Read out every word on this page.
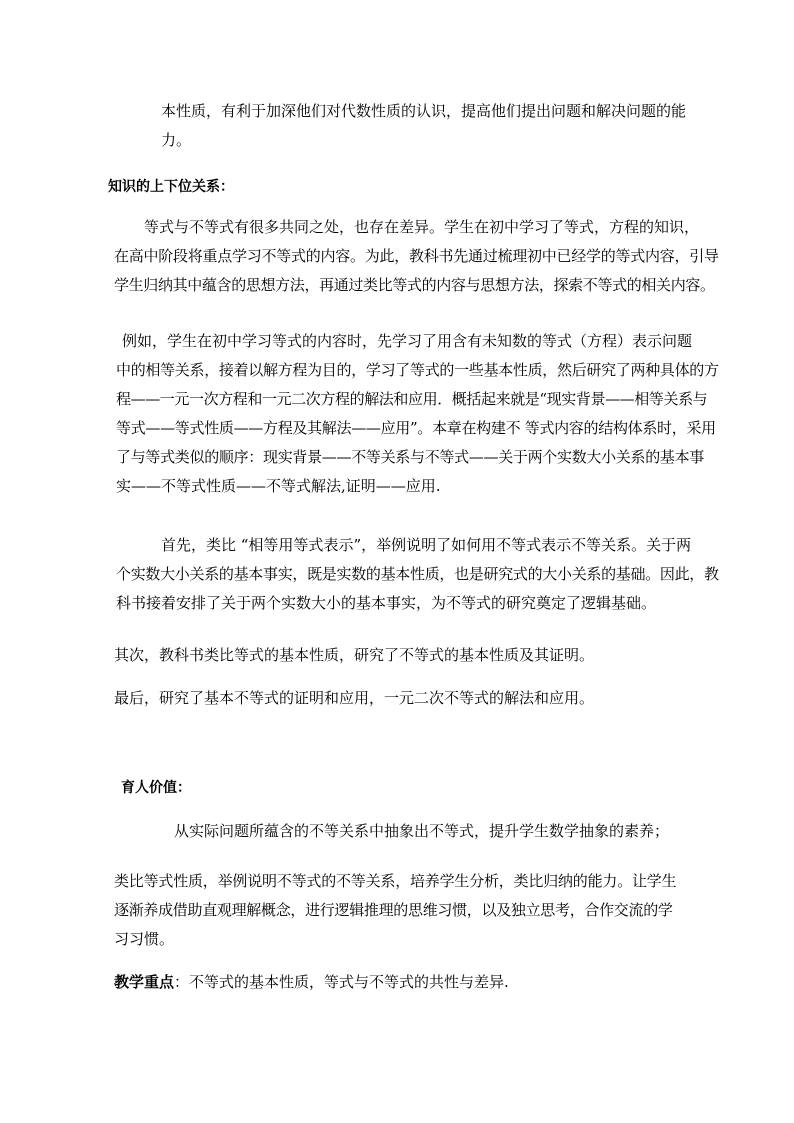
本性质，有利于加深他们对代数性质的认识，提高他们提出问题和解决问题的能
力。
知识的上下位关系：
等式与不等式有很多共同之处，也存在差异。学生在初中学习了等式，方程的知识，
在高中阶段将重点学习不等式的内容。为此，教科书先通过梳理初中已经学的等式内容，引导
学生归纳其中蕴含的思想方法，再通过类比等式的内容与思想方法，探索不等式的相关内容。
例如，学生在初中学习等式的内容时，先学习了用含有未知数的等式（方程）表示问题
中的相等关系，接着以解方程为目的，学习了等式的一些基本性质，然后研究了两种具体的方
程——一元一次方程和一元二次方程的解法和应用．概括起来就是“现实背景——相等关系与
等式——等式性质——方程及其解法——应用”。本章在构建不 等式内容的结构体系时，采用
了与等式类似的顺序：现实背景——不等关系与不等式——关于两个实数大小关系的基本事
实——不等式性质——不等式解法,证明——应用.
首先，类比 “相等用等式表示”，举例说明了如何用不等式表示不等关系。关于两
个实数大小关系的基本事实，既是实数的基本性质，也是研究式的大小关系的基础。因此，教
科书接着安排了关于两个实数大小的基本事实，为不等式的研究奠定了逻辑基础。
其次，教科书类比等式的基本性质，研究了不等式的基本性质及其证明。
最后，研究了基本不等式的证明和应用，一元二次不等式的解法和应用。
育人价值：
从实际问题所蕴含的不等关系中抽象出不等式，提升学生数学抽象的素养；
类比等式性质，举例说明不等式的不等关系，培养学生分析，类比归纳的能力。让学生
逐渐养成借助直观理解概念，进行逻辑推理的思维习惯，以及独立思考，合作交流的学
习习惯。
教学重点：不等式的基本性质，等式与不等式的共性与差异.
